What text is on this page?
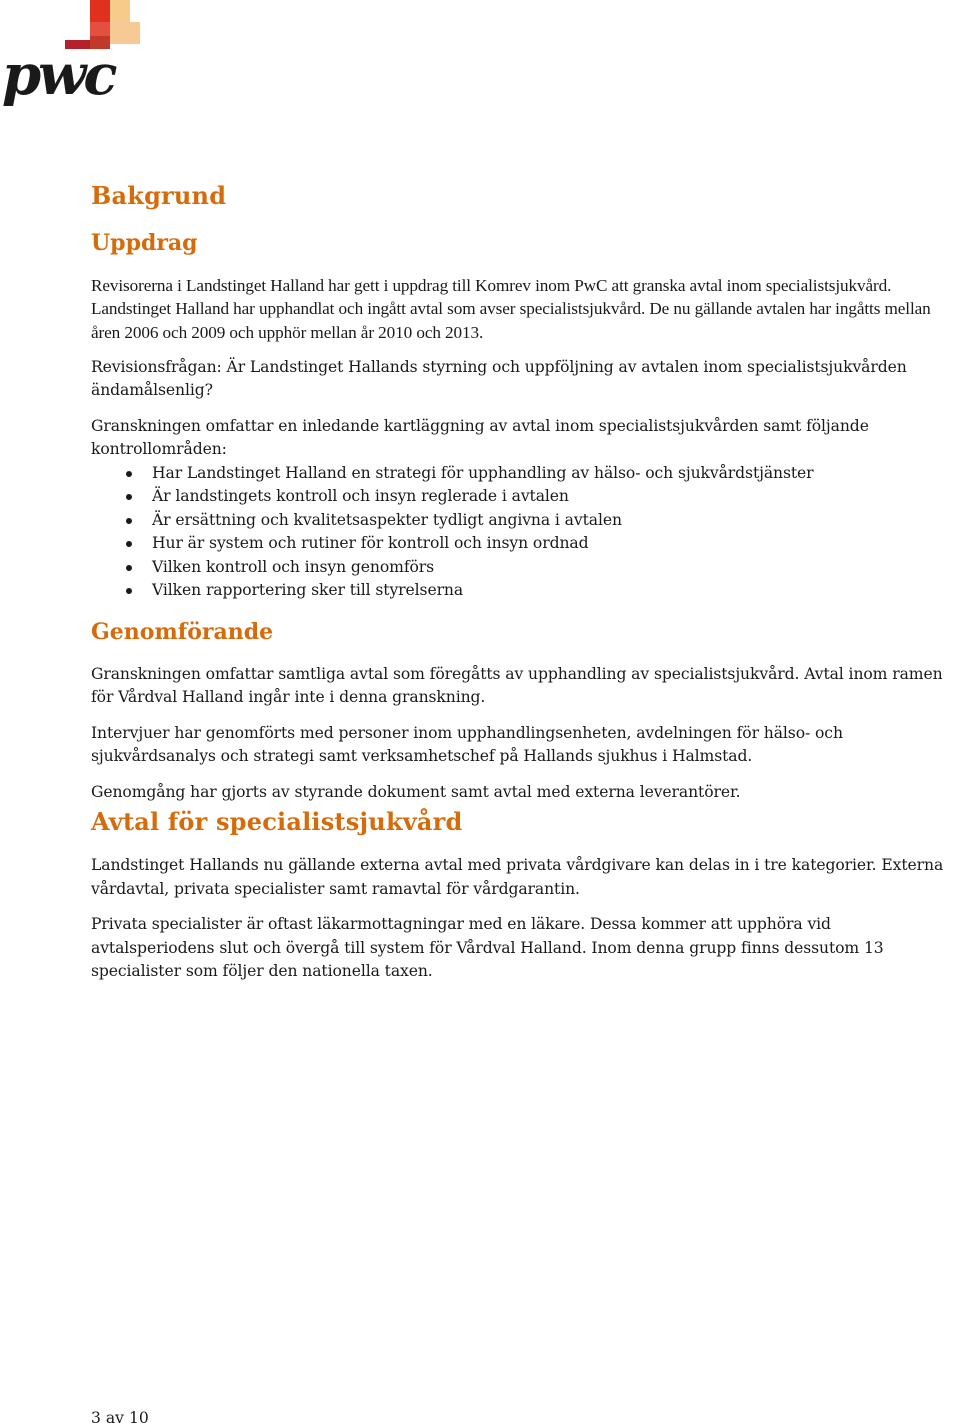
pwc
Bakgrund
Uppdrag

Revisorerna i Landstinget Halland har gett i uppdrag till Komrev inom PwC att granska avtal inom specialistsjukvård. Landstinget Halland har upphandlat och ingått avtal som avser specialistsjukvård. De nu gällande avtalen har ingåtts mellan åren 2006 och 2009 och upphör mellan år 2010 och 2013.

Revisionsfrågan: Är Landstinget Hallands styrning och uppföljning av avtalen inom specialistsjukvården ändamålsenlig?

Granskningen omfattar en inledande kartläggning av avtal inom specialistsjukvården samt följande kontrollområden:

Har Landstinget Halland en strategi för upphandling av hälso- och sjukvårdstjänster
Är landstingets kontroll och insyn reglerade i avtalen
Är ersättning och kvalitetsaspekter tydligt angivna i avtalen
Hur är system och rutiner för kontroll och insyn ordnad
Vilken kontroll och insyn genomförs
Vilken rapportering sker till styrelserna
Genomförande

Granskningen omfattar samtliga avtal som föregåtts av upphandling av specialistsjukvård. Avtal inom ramen för Vårdval Halland ingår inte i denna granskning.

Intervjuer har genomförts med personer inom upphandlingsenheten, avdelningen för hälso- och sjukvårdsanalys och strategi samt verksamhetschef på Hallands sjukhus i Halmstad.

Genomgång har gjorts av styrande dokument samt avtal med externa leverantörer.

Avtal för specialistsjukvård

Landstinget Hallands nu gällande externa avtal med privata vårdgivare kan delas in i tre kategorier. Externa vårdavtal, privata specialister samt ramavtal för vårdgarantin.

Privata specialister är oftast läkarmottagningar med en läkare. Dessa kommer att upphöra vid avtalsperiodens slut och övergå till system för Vårdval Halland. Inom denna grupp finns dessutom 13 specialister som följer den nationella taxen.

3 av 10
